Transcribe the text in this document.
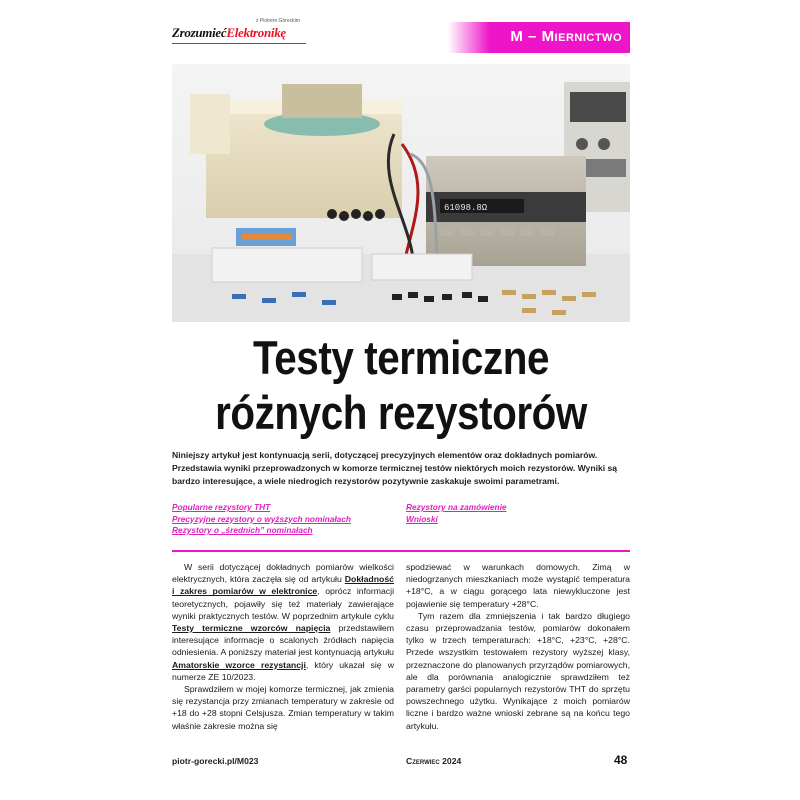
ZrozumiećElektronikę
z Piotrem Góreckim
M – Miernictwo
61098.8Ω
Testy termiczne
różnych rezystorów
Niniejszy artykuł jest kontynuacją serii, dotyczącej precyzyjnych elementów oraz dokładnych pomiarów. Przedstawia wyniki przeprowadzonych w komorze termicznej testów niektórych moich rezystorów. Wyniki są bardzo interesujące, a wiele niedrogich rezystorów pozytywnie zaskakuje swoimi parametrami.
Popularne rezystory THT
Precyzyjne rezystory o wyższych nominałach
Rezystory o „średnich” nominałach
Rezystory na zamówienie
Wnioski

W serii dotyczącej dokładnych pomiarów wielkości elektrycznych, która zaczęła się od artykułu Dokładność i zakres pomiarów w elektronice, oprócz informacji teoretycznych, pojawiły się też materiały zawierające wyniki praktycznych testów. W poprzednim artykule cyklu Testy termiczne wzorców napięcia przedstawiłem interesujące informacje o scalonych źródłach napięcia odniesienia. A poniższy materiał jest kontynuacją artykułu Amatorskie wzorce rezystancji, który ukazał się w numerze ZE 10/2023.

Sprawdziłem w mojej komorze termicznej, jak zmienia się rezystancja przy zmianach temperatury w zakresie od +18 do +28 stopni Celsjusza. Zmian temperatury w takim właśnie zakresie można się

spodziewać w warunkach domowych. Zimą w niedogrzanych mieszkaniach może wystąpić temperatura +18°C, a w ciągu gorącego lata niewykluczone jest pojawienie się temperatury +28°C.

Tym razem dla zmniejszenia i tak bardzo długiego czasu przeprowadzania testów, pomiarów dokonałem tylko w trzech temperaturach: +18°C, +23°C, +28°C. Przede wszystkim testowałem rezystory wyższej klasy, przeznaczone do planowanych przyrządów pomiarowych, ale dla porównania analogicznie sprawdziłem też parametry garści popularnych rezystorów THT do sprzętu powszechnego użytku. Wynikające z moich pomiarów liczne i bardzo ważne wnioski zebrane są na końcu tego artykułu.

piotr-gorecki.pl/M023	Czerwiec 2024	48
